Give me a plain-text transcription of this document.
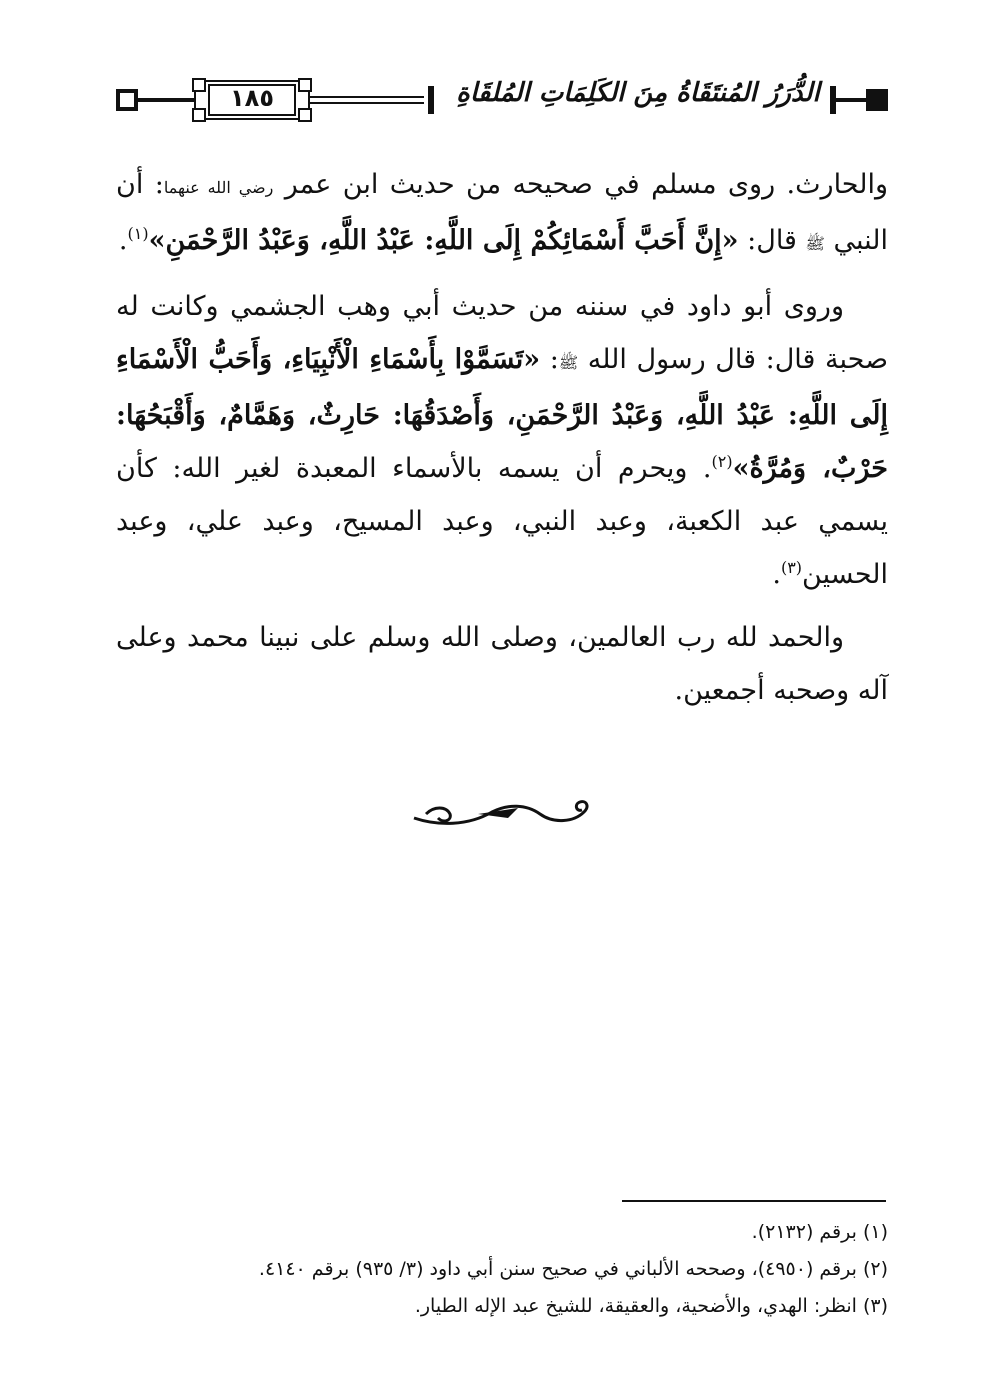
١٨٥	الدُّرَرُ المُنتَقَاةُ مِنَ الكَلِمَاتِ المُلقَاةِ

والحارث. روى مسلم في صحيحه من حديث ابن عمر رضي الله عنهما: أن النبي ﷺ قال: «إِنَّ أَحَبَّ أَسْمَائِكُمْ إِلَى اللَّهِ: عَبْدُ اللَّهِ، وَعَبْدُ الرَّحْمَنِ»$^{(١)}$.

وروى أبو داود في سننه من حديث أبي وهب الجشمي وكانت له صحبة قال: قال رسول الله ﷺ: «تَسَمَّوْا بِأَسْمَاءِ الْأَنْبِيَاءِ، وَأَحَبُّ الْأَسْمَاءِ إِلَى اللَّهِ: عَبْدُ اللَّهِ، وَعَبْدُ الرَّحْمَنِ، وَأَصْدَقُهَا: حَارِثٌ، وَهَمَّامٌ، وَأَقْبَحُهَا: حَرْبٌ، وَمُرَّةُ»$^{(٢)}$. ويحرم أن يسمه بالأسماء المعبدة لغير الله: كأن يسمي عبد الكعبة، وعبد النبي، وعبد المسيح، وعبد علي، وعبد الحسين$^{(٣)}$.

والحمد لله رب العالمين، وصلى الله وسلم على نبينا محمد وعلى آله وصحبه أجمعين.

(١) برقم (٢١٣٢).

(٢) برقم (٤٩٥٠)، وصححه الألباني في صحيح سنن أبي داود (٣/ ٩٣٥) برقم ٤١٤٠.

(٣) انظر: الهدي، والأضحية، والعقيقة، للشيخ عبد الإله الطيار.
